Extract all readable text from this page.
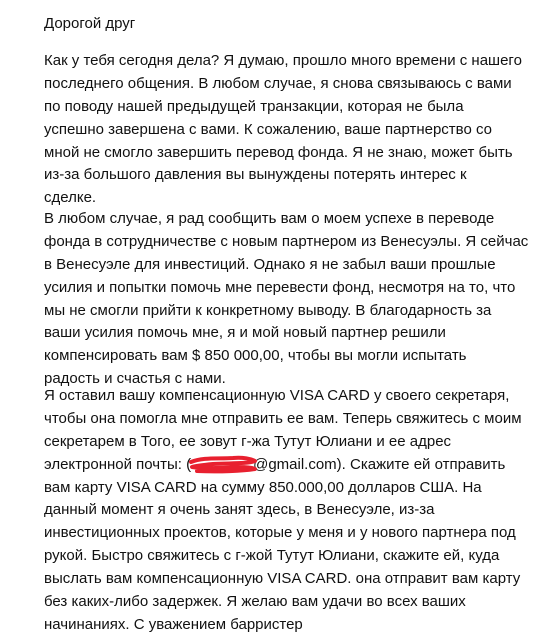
Дорогой друг
Как у тебя сегодня дела? Я думаю, прошло много времени с нашего
последнего общения. В любом случае, я снова связываюсь с вами
по поводу нашей предыдущей транзакции, которая не была
успешно завершена с вами. К сожалению, ваше партнерство со
мной не смогло завершить перевод фонда. Я не знаю, может быть
из-за большого давления вы вынуждены потерять интерес к
сделке.
В любом случае, я рад сообщить вам о моем успехе в переводе
фонда в сотрудничестве с новым партнером из Венесуэлы. Я сейчас
в Венесуэле для инвестиций. Однако я не забыл ваши прошлые
усилия и попытки помочь мне перевести фонд, несмотря на то, что
мы не смогли прийти к конкретному выводу. В благодарность за
ваши усилия помочь мне, я и мой новый партнер решили
компенсировать вам $ 850 000,00, чтобы вы могли испытать
радость и счастья с нами.
Я оставил вашу компенсационную VISA CARD у своего секретаря,
чтобы она помогла мне отправить ее вам. Теперь свяжитесь с моим
секретарем в Того, ее зовут г-жа Тутут Юлиани и ее адрес
электронной почты: (	@gmail.com). Скажите ей отправить
вам карту VISA CARD на сумму 850.000,00 долларов США. На
данный момент я очень занят здесь, в Венесуэле, из-за
инвестиционных проектов, которые у меня и у нового партнера под
рукой. Быстро свяжитесь с г-жой Тутут Юлиани, скажите ей, куда
выслать вам компенсационную VISA CARD. она отправит вам карту
без каких-либо задержек. Я желаю вам удачи во всех ваших
начинаниях. С уважением барристер
